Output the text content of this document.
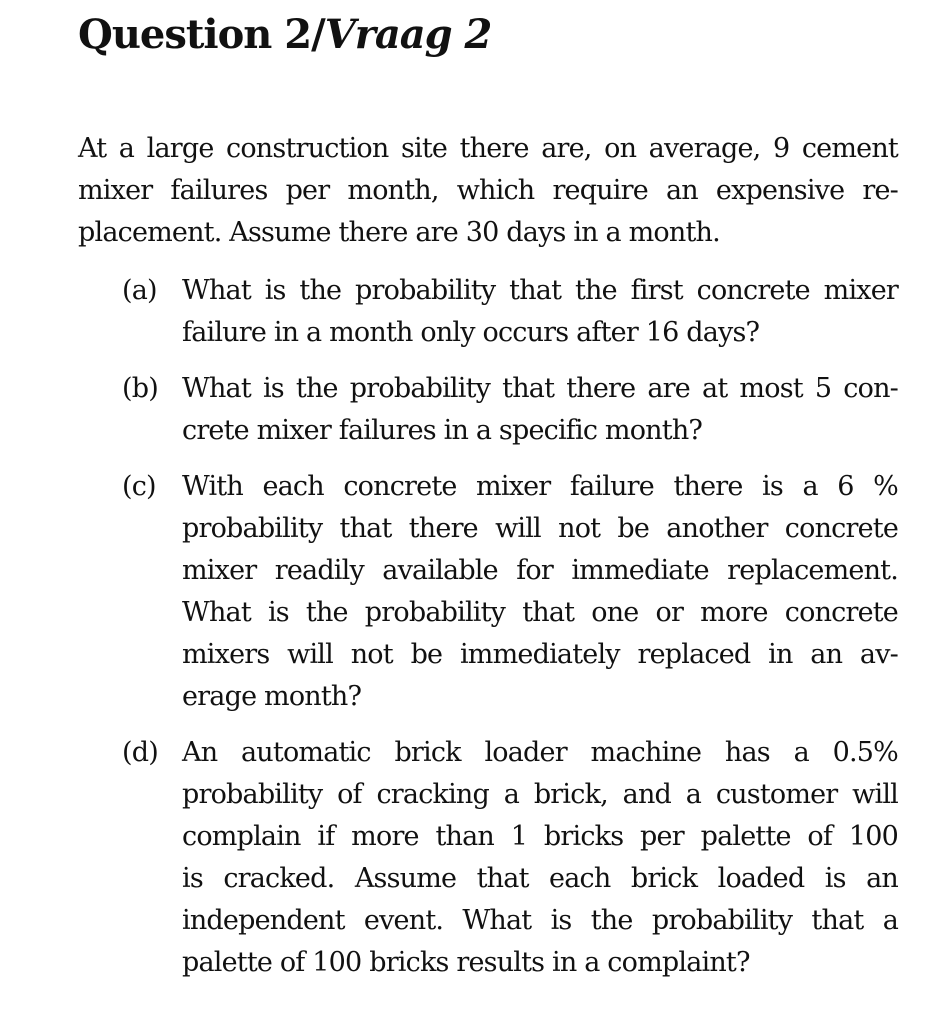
Question 2/Vraag 2
At a large construction site there are, on average, 9 cement
mixer failures per month, which require an expensive re-
placement. Assume there are 30 days in a month.
(a) What is the probability that the first concrete mixer
failure in a month only occurs after 16 days?
(b) What is the probability that there are at most 5 con-
crete mixer failures in a specific month?
(c) With each concrete mixer failure there is a 6 %
probability that there will not be another concrete
mixer readily available for immediate replacement.
What is the probability that one or more concrete
mixers will not be immediately replaced in an av-
erage month?
(d) An automatic brick loader machine has a 0.5%
probability of cracking a brick, and a customer will
complain if more than 1 bricks per palette of 100
is cracked. Assume that each brick loaded is an
independent event. What is the probability that a
palette of 100 bricks results in a complaint?
